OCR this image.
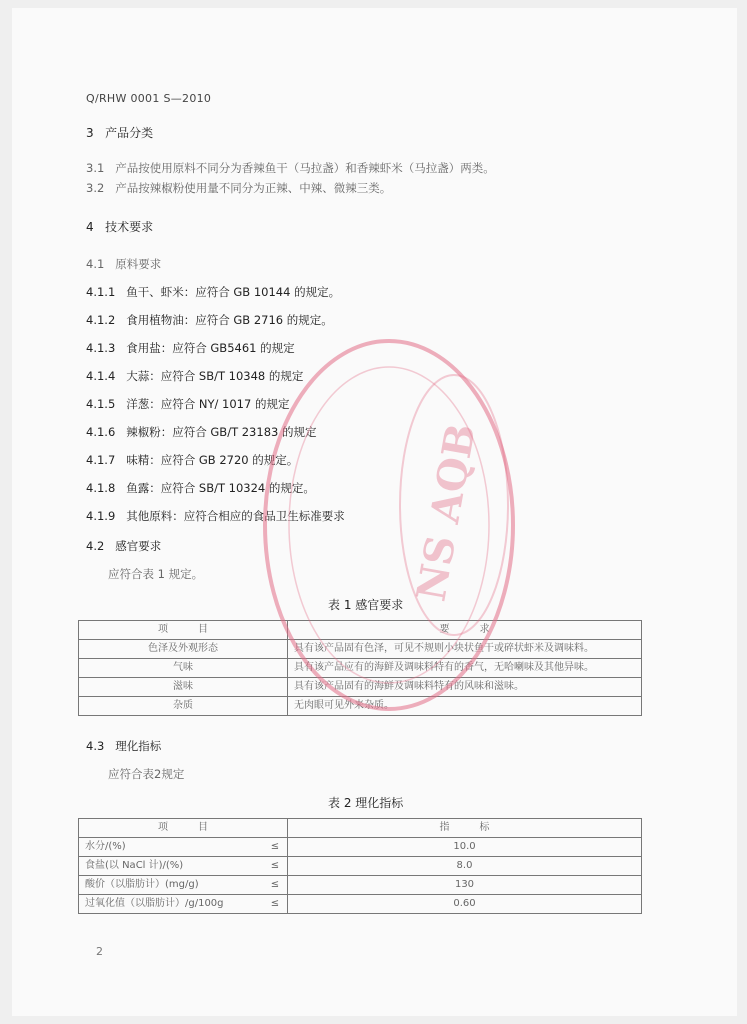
Q/RHW 0001 S—2010
3 产品分类
3.1 产品按使用原料不同分为香辣鱼干（马拉盏）和香辣虾米（马拉盏）两类。
3.2 产品按辣椒粉使用量不同分为正辣、中辣、微辣三类。
4 技术要求
4.1 原料要求
4.1.1 鱼干、虾米：应符合 GB 10144 的规定。
4.1.2 食用植物油：应符合 GB 2716 的规定。
4.1.3 食用盐：应符合 GB5461 的规定
4.1.4 大蒜：应符合 SB/T 10348 的规定
4.1.5 洋葱：应符合 NY/ 1017 的规定
4.1.6 辣椒粉：应符合 GB/T 23183 的规定
4.1.7 味精：应符合 GB 2720 的规定。
4.1.8 鱼露：应符合 SB/T 10324 的规定。
4.1.9 其他原料：应符合相应的食品卫生标准要求
4.2 感官要求
应符合表 1 规定。
表 1 感官要求
项　　　目	要　　　求
色泽及外观形态	具有该产品固有色泽，可见不规则小块状鱼干或碎状虾米及调味料。
气味	具有该产品应有的海鲜及调味料特有的香气，无哈喇味及其他异味。
滋味	具有该产品固有的海鲜及调味料特有的风味和滋味。
杂质	无肉眼可见外来杂质。
4.3 理化指标
应符合表2规定
表 2 理化指标
项　　　目		指　　　标
水分/(%)	≤	10.0
食盐(以 NaCl 计)/(%)	≤	8.0
酸价（以脂肪计）(mg/g)	≤	130
过氧化值（以脂肪计）/g/100g	≤	0.60
2
NS AQB
